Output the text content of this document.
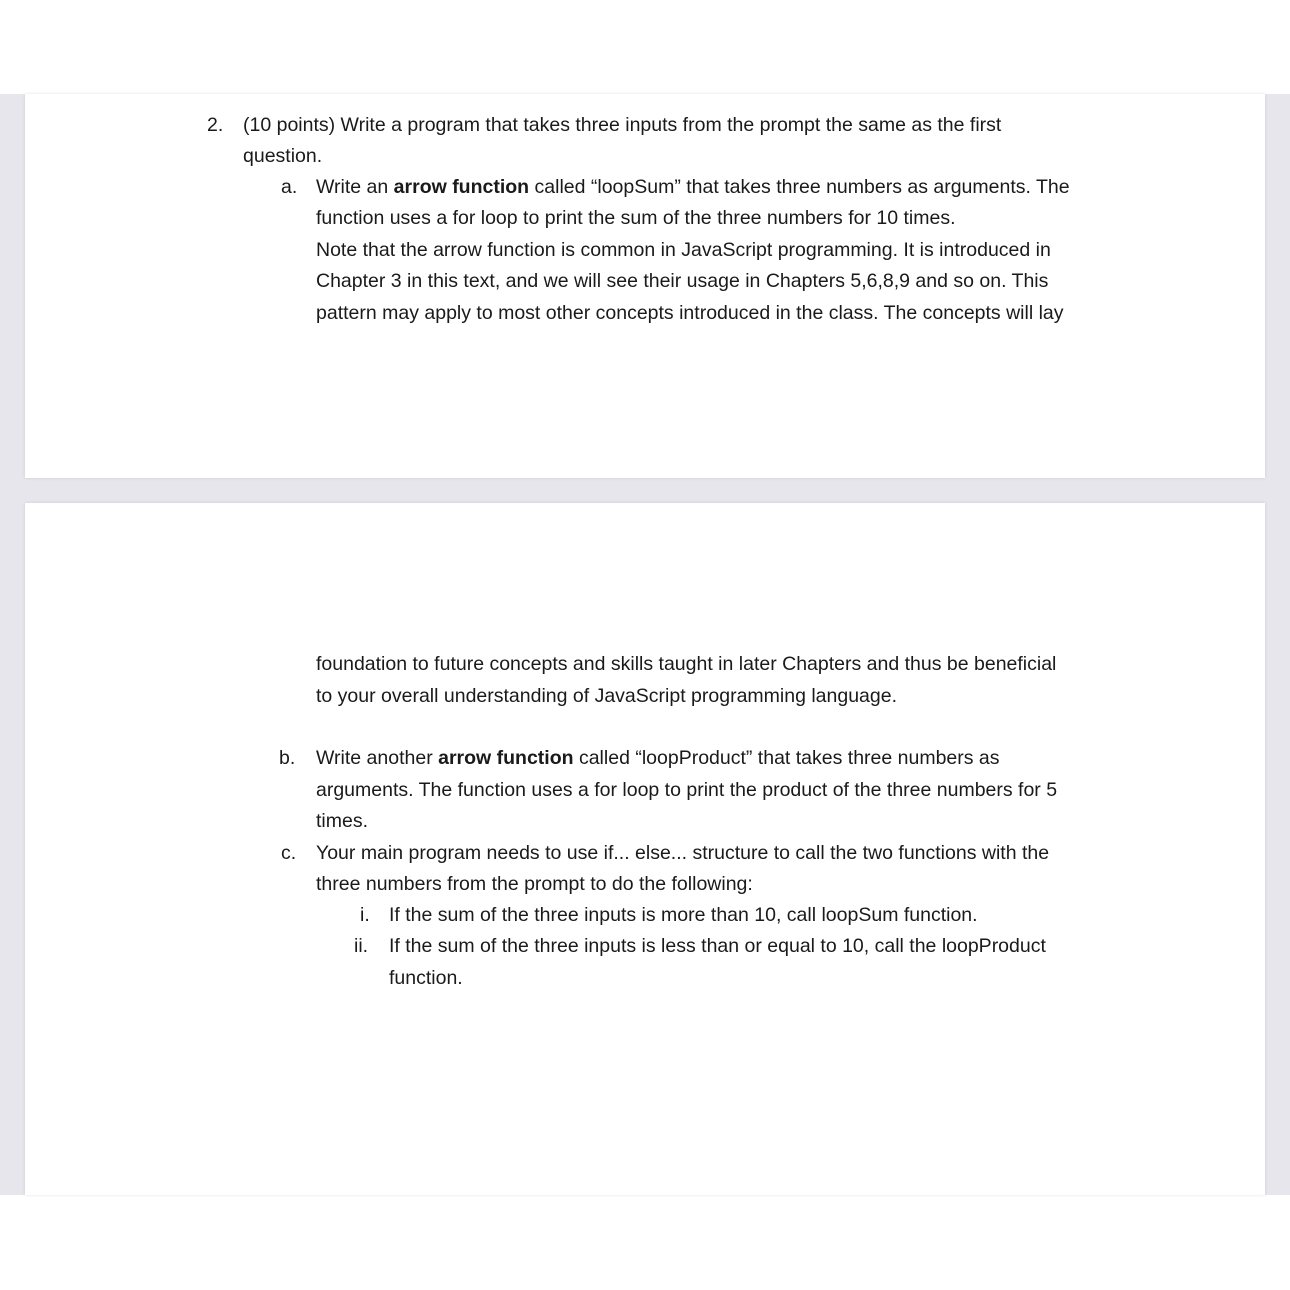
2. (10 points) Write a program that takes three inputs from the prompt the same as the first
question.
a. Write an arrow function called “loopSum” that takes three numbers as arguments. The
function uses a for loop to print the sum of the three numbers for 10 times.
Note that the arrow function is common in JavaScript programming. It is introduced in
Chapter 3 in this text, and we will see their usage in Chapters 5,6,8,9 and so on. This
pattern may apply to most other concepts introduced in the class. The concepts will lay
foundation to future concepts and skills taught in later Chapters and thus be beneficial
to your overall understanding of JavaScript programming language.
b. Write another arrow function called “loopProduct” that takes three numbers as
arguments. The function uses a for loop to print the product of the three numbers for 5
times.
c. Your main program needs to use if... else... structure to call the two functions with the
three numbers from the prompt to do the following:
i. If the sum of the three inputs is more than 10, call loopSum function.
ii. If the sum of the three inputs is less than or equal to 10, call the loopProduct
function.
